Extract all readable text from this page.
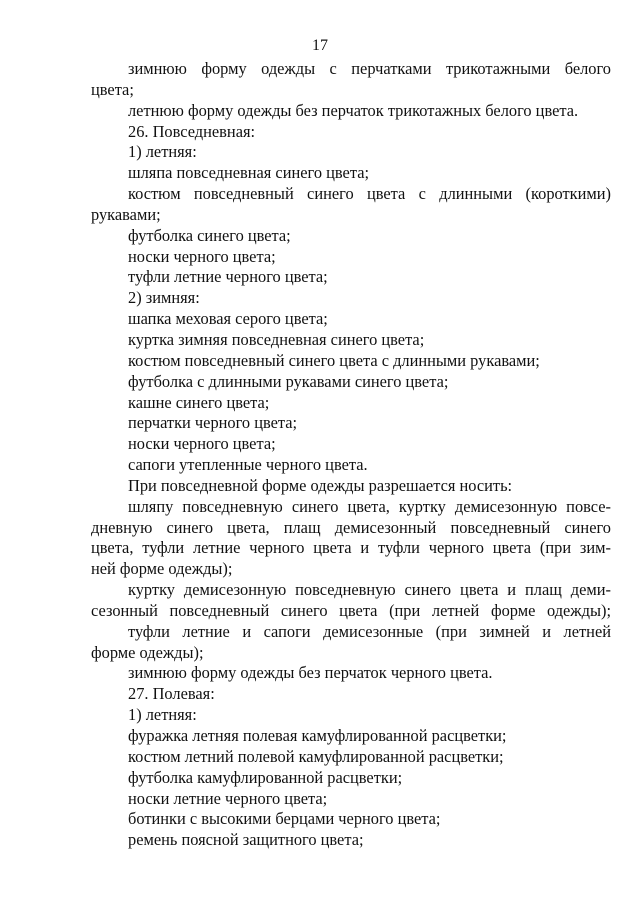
17
зимнюю форму одежды с перчатками трикотажными белого
цвета;
летнюю форму одежды без перчаток трикотажных белого цвета.
26. Повседневная:
1) летняя:
шляпа повседневная синего цвета;
костюм повседневный синего цвета с длинными (короткими)
рукавами;
футболка синего цвета;
носки черного цвета;
туфли летние черного цвета;
2) зимняя:
шапка меховая серого цвета;
куртка зимняя повседневная синего цвета;
костюм повседневный синего цвета с длинными рукавами;
футболка с длинными рукавами синего цвета;
кашне синего цвета;
перчатки черного цвета;
носки черного цвета;
сапоги утепленные черного цвета.
При повседневной форме одежды разрешается носить:
шляпу повседневную синего цвета, куртку демисезонную повсе-
дневную синего цвета, плащ демисезонный повседневный синего
цвета, туфли летние черного цвета и туфли черного цвета (при зим-
ней форме одежды);
куртку демисезонную повседневную синего цвета и плащ деми-
сезонный повседневный синего цвета (при летней форме одежды);
туфли летние и сапоги демисезонные (при зимней и летней
форме одежды);
зимнюю форму одежды без перчаток черного цвета.
27. Полевая:
1) летняя:
фуражка летняя полевая камуфлированной расцветки;
костюм летний полевой камуфлированной расцветки;
футболка камуфлированной расцветки;
носки летние черного цвета;
ботинки с высокими берцами черного цвета;
ремень поясной защитного цвета;
